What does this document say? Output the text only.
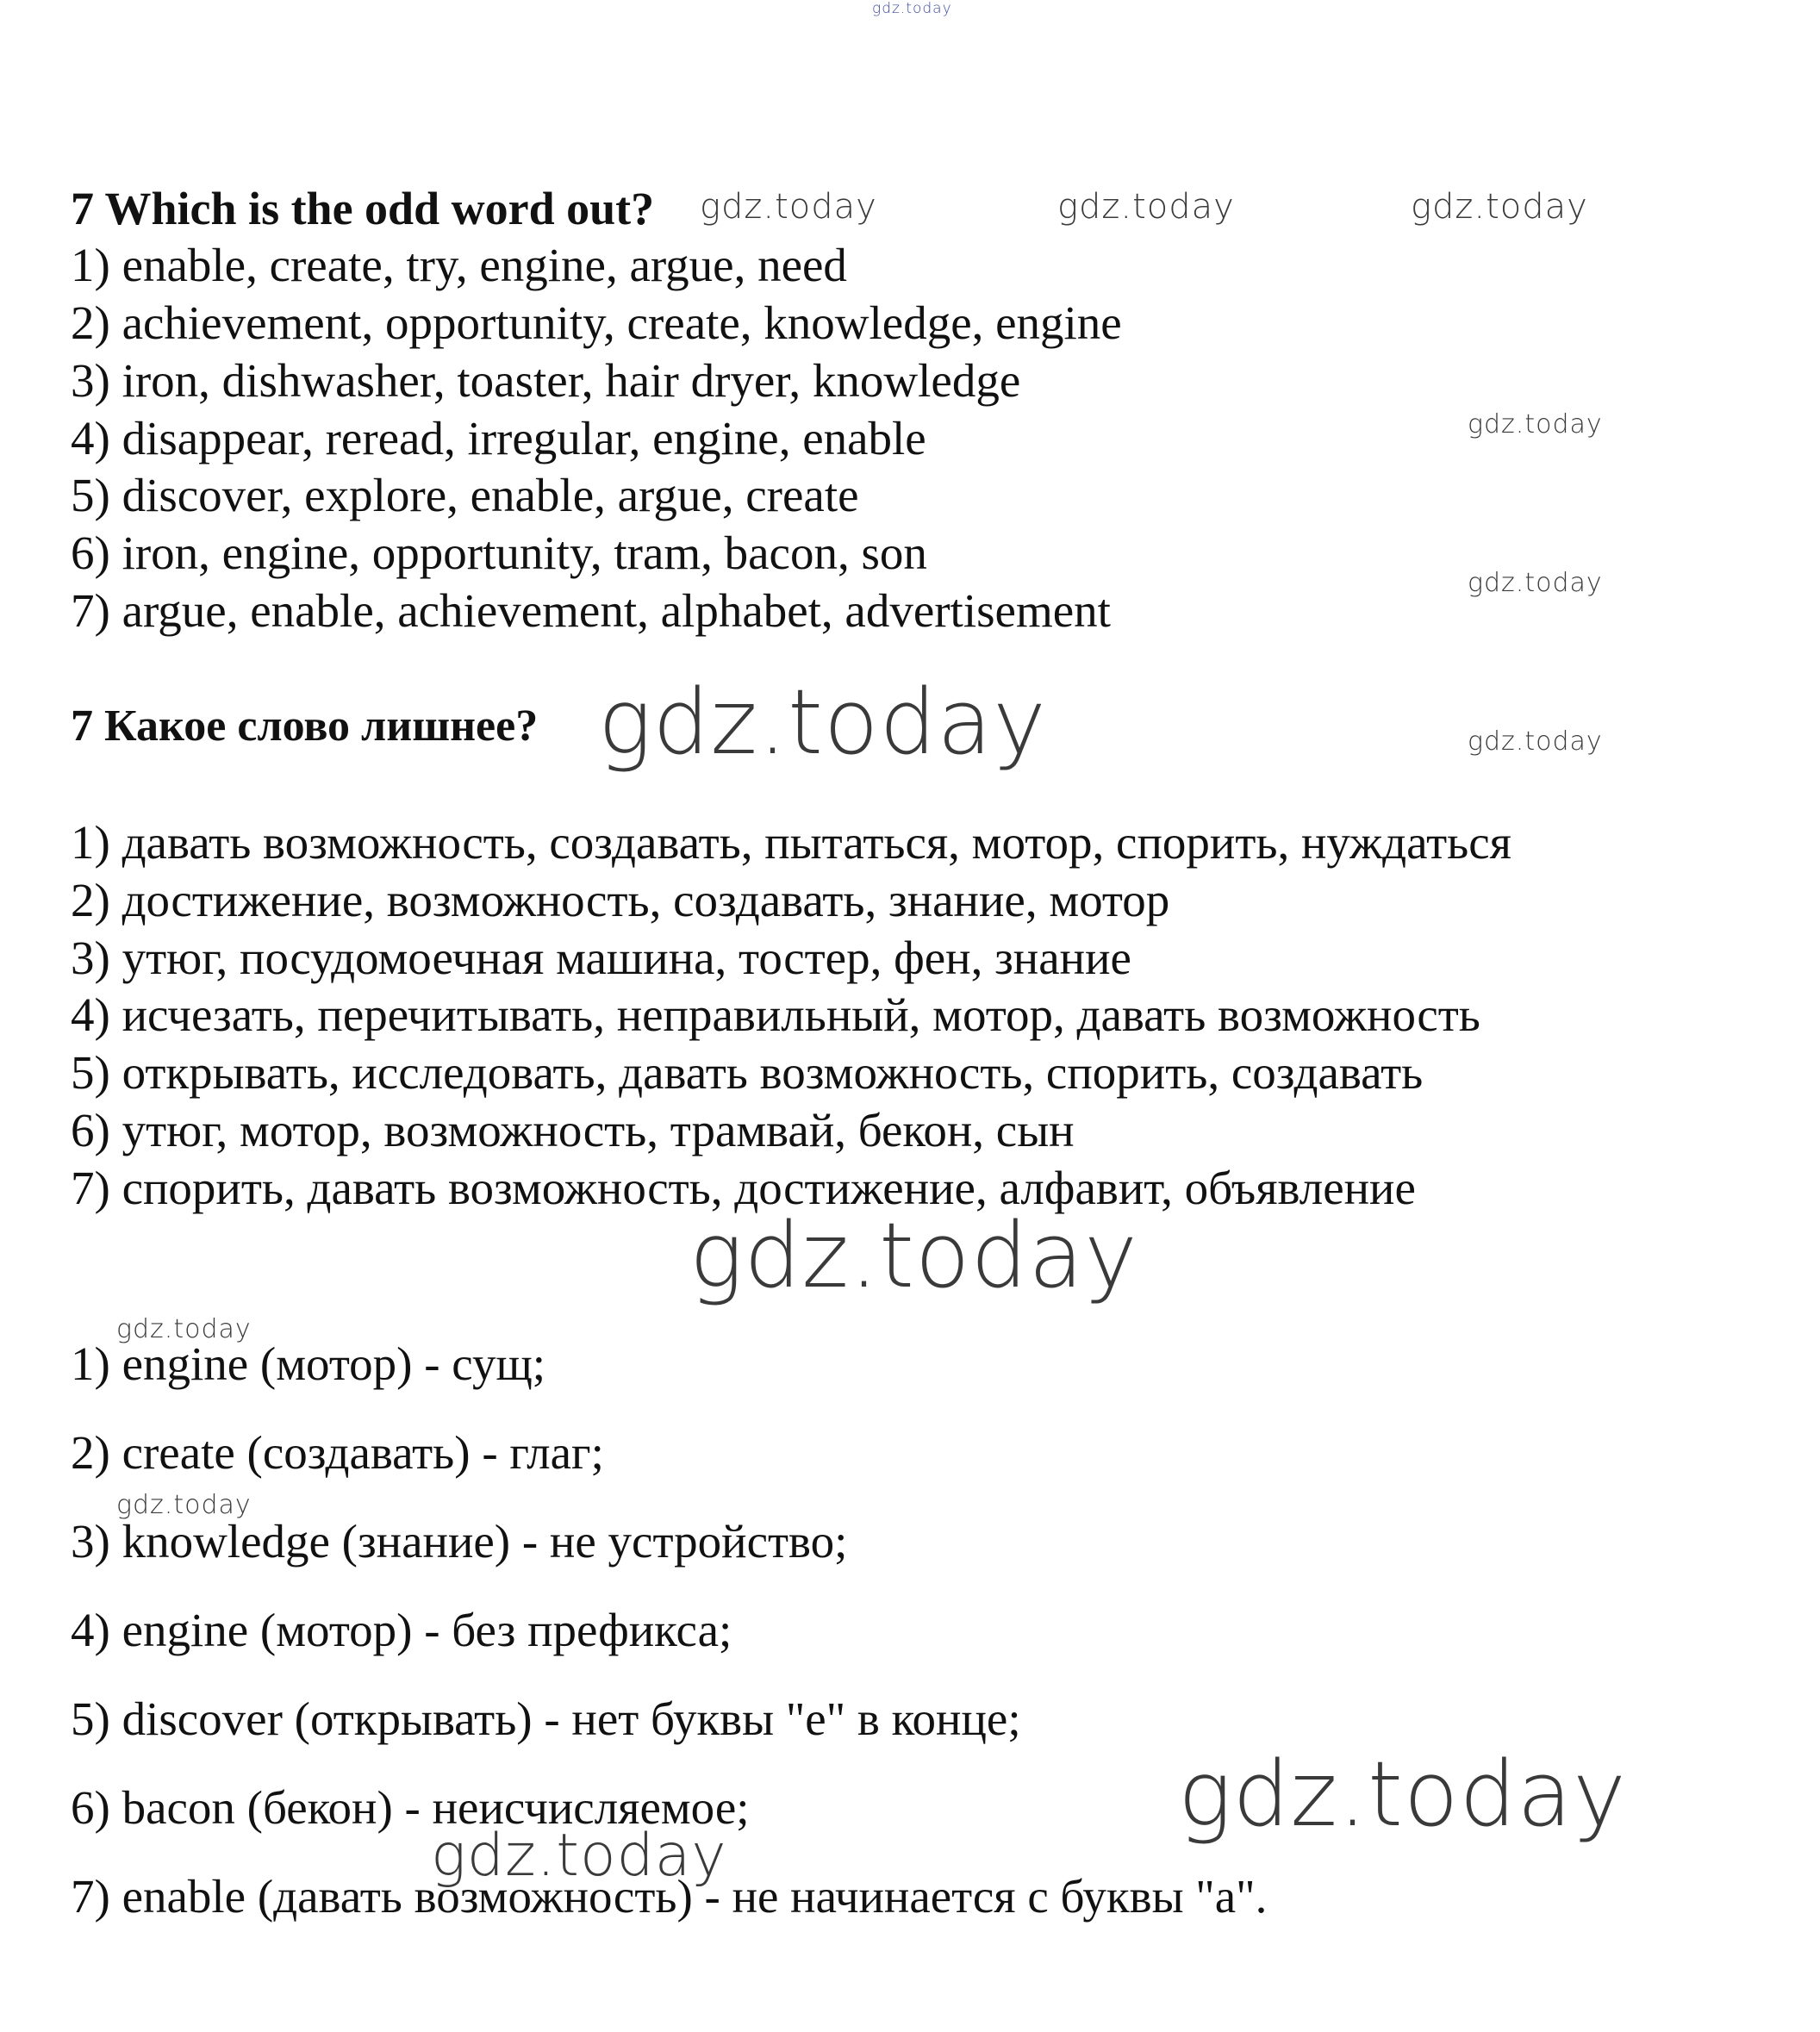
gdz.today
gdz.today	gdz.today	gdz.today
gdz.today
gdz.today
gdz.today
gdz.today
gdz.today
gdz.today
gdz.today
gdz.today
gdz.today
7 Which is the odd word out?
1) enable, create, try, engine, argue, need
2) achievement, opportunity, create, knowledge, engine
3) iron, dishwasher, toaster, hair dryer, knowledge
4) disappear, reread, irregular, engine, enable
5) discover, explore, enable, argue, create
6) iron, engine, opportunity, tram, bacon, son
7) argue, enable, achievement, alphabet, advertisement
7 Какое слово лишнее?
1) давать возможность, создавать, пытаться, мотор, спорить, нуждаться
2) достижение, возможность, создавать, знание, мотор
3) утюг, посудомоечная машина, тостер, фен, знание
4) исчезать, перечитывать, неправильный, мотор, давать возможность
5) открывать, исследовать, давать возможность, спорить, создавать
6) утюг, мотор, возможность, трамвай, бекон, сын
7) спорить, давать возможность, достижение, алфавит, объявление
1) engine (мотор) - сущ;
2) create (создавать) - глаг;
3) knowledge (знание) - не устройство;
4) engine (мотор) - без префикса;
5) discover (открывать) - нет буквы "e" в конце;
6) bacon (бекон) - неисчисляемое;
7) enable (давать возможность) - не начинается с буквы "a".
